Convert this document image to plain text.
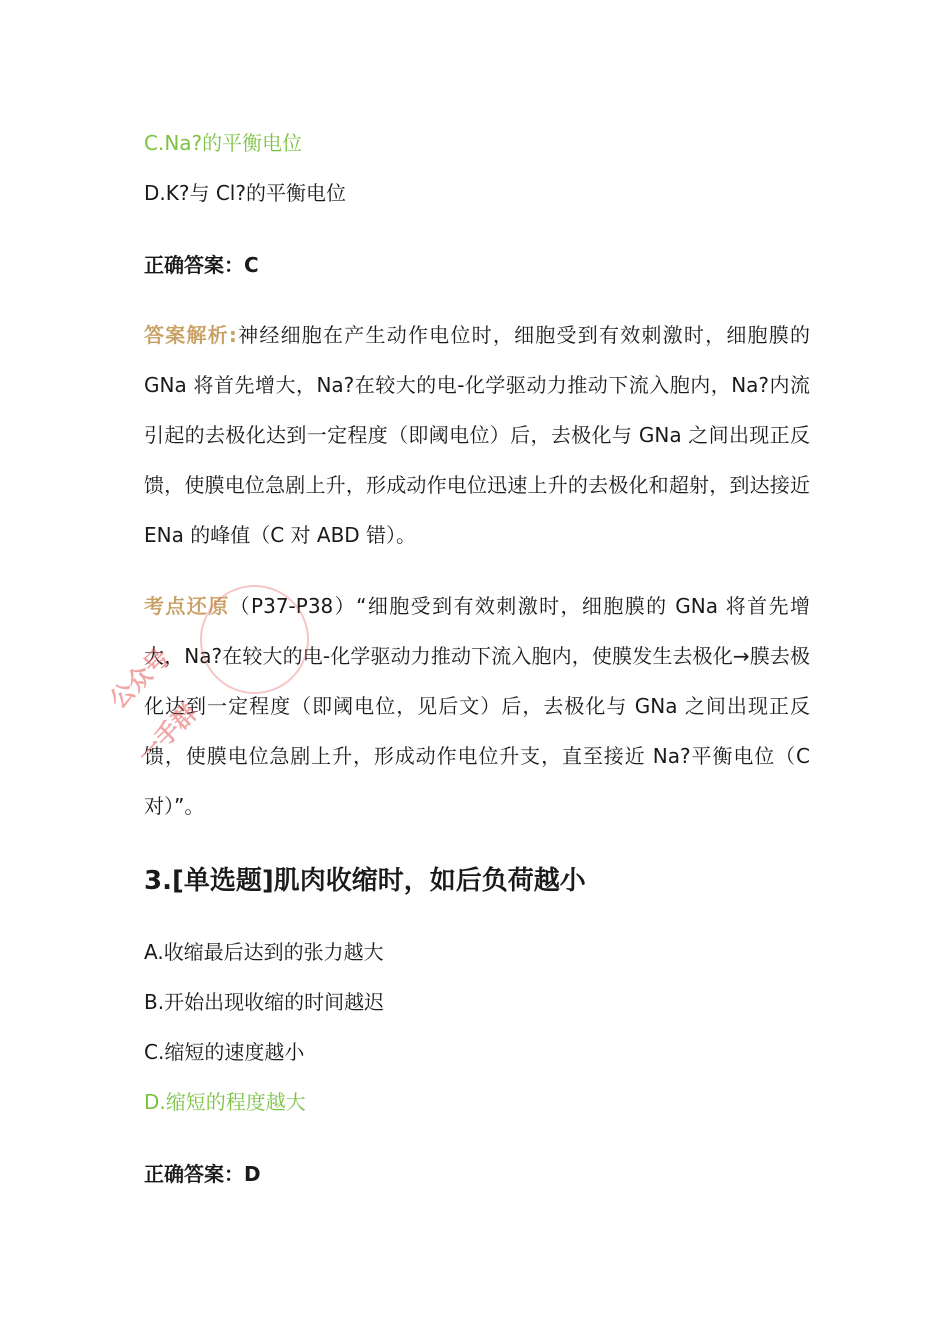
C.Na?的平衡电位
D.K?与 Cl?的平衡电位
正确答案：C
答案解析:神经细胞在产生动作电位时，细胞受到有效刺激时，细胞膜的 GNa 将首先增大，Na?在较大的电-化学驱动力推动下流入胞内，Na?内流引起的去极化达到一定程度（即阈电位）后，去极化与 GNa 之间出现正反馈，使膜电位急剧上升，形成动作电位迅速上升的去极化和超射，到达接近 ENa 的峰值（C 对 ABD 错）。
考点还原（P37-P38）“细胞受到有效刺激时，细胞膜的 GNa 将首先增大，Na?在较大的电-化学驱动力推动下流入胞内，使膜发生去极化→膜去极化达到一定程度（即阈电位，见后文）后，去极化与 GNa 之间出现正反馈，使膜电位急剧上升，形成动作电位升支，直至接近 Na?平衡电位（C 对）”。
3.[单选题]肌肉收缩时，如后负荷越小
A.收缩最后达到的张力越大
B.开始出现收缩的时间越迟
C.缩短的速度越小
D.缩短的程度越大
正确答案：D
公众号
一手群
